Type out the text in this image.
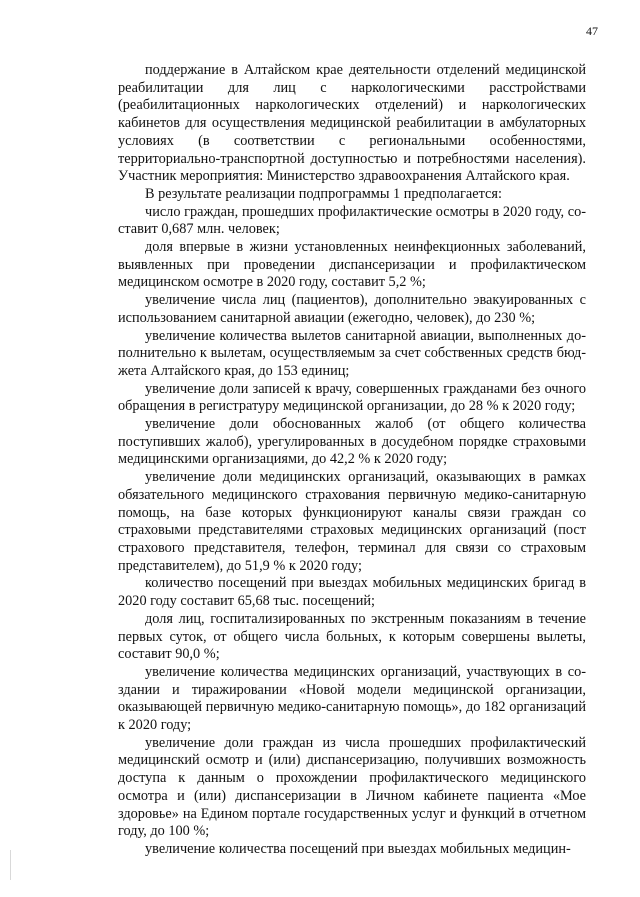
47

поддержание в Алтайском крае деятельности отделений медицинской реабилитации для лиц с наркологическими расстройствами (реабилитационных наркологических отделений) и наркологических кабинетов для осуществления медицинской реабилитации в амбулаторных условиях (в соответствии с региональными особенностями, территориально-транспортной доступностью и потребностями населения). Участник мероприятия: Министерство здравоохранения Алтайского края.

В результате реализации подпрограммы 1 предполагается:

число граждан, прошедших профилактические осмотры в 2020 году, составит 0,687 млн. человек;

доля впервые в жизни установленных неинфекционных заболеваний, выявленных при проведении диспансеризации и профилактическом медицинском осмотре в 2020 году, составит 5,2 %;

увеличение числа лиц (пациентов), дополнительно эвакуированных с использованием санитарной авиации (ежегодно, человек), до 230 %;

увеличение количества вылетов санитарной авиации, выполненных дополнительно к вылетам, осуществляемым за счет собственных средств бюджета Алтайского края, до 153 единиц;

увеличение доли записей к врачу, совершенных гражданами без очного обращения в регистратуру медицинской организации, до 28 % к 2020 году;

увеличение доли обоснованных жалоб (от общего количества поступивших жалоб), урегулированных в досудебном порядке страховыми медицинскими организациями, до 42,2 % к 2020 году;

увеличение доли медицинских организаций, оказывающих в рамках обязательного медицинского страхования первичную медико-санитарную помощь, на базе которых функционируют каналы связи граждан со страховыми представителями страховых медицинских организаций (пост страхового представителя, телефон, терминал для связи со страховым представителем), до 51,9 % к 2020 году;

количество посещений при выездах мобильных медицинских бригад в 2020 году составит 65,68 тыс. посещений;

доля лиц, госпитализированных по экстренным показаниям в течение первых суток, от общего числа больных, к которым совершены вылеты, составит 90,0 %;

увеличение количества медицинских организаций, участвующих в создании и тиражировании «Новой модели медицинской организации, оказывающей первичную медико-санитарную помощь», до 182 организаций к 2020 году;

увеличение доли граждан из числа прошедших профилактический медицинский осмотр и (или) диспансеризацию, получивших возможность доступа к данным о прохождении профилактического медицинского осмотра и (или) диспансеризации в Личном кабинете пациента «Мое здоровье» на Едином портале государственных услуг и функций в отчетном году, до 100 %;

увеличение количества посещений при выездах мобильных медицин-
